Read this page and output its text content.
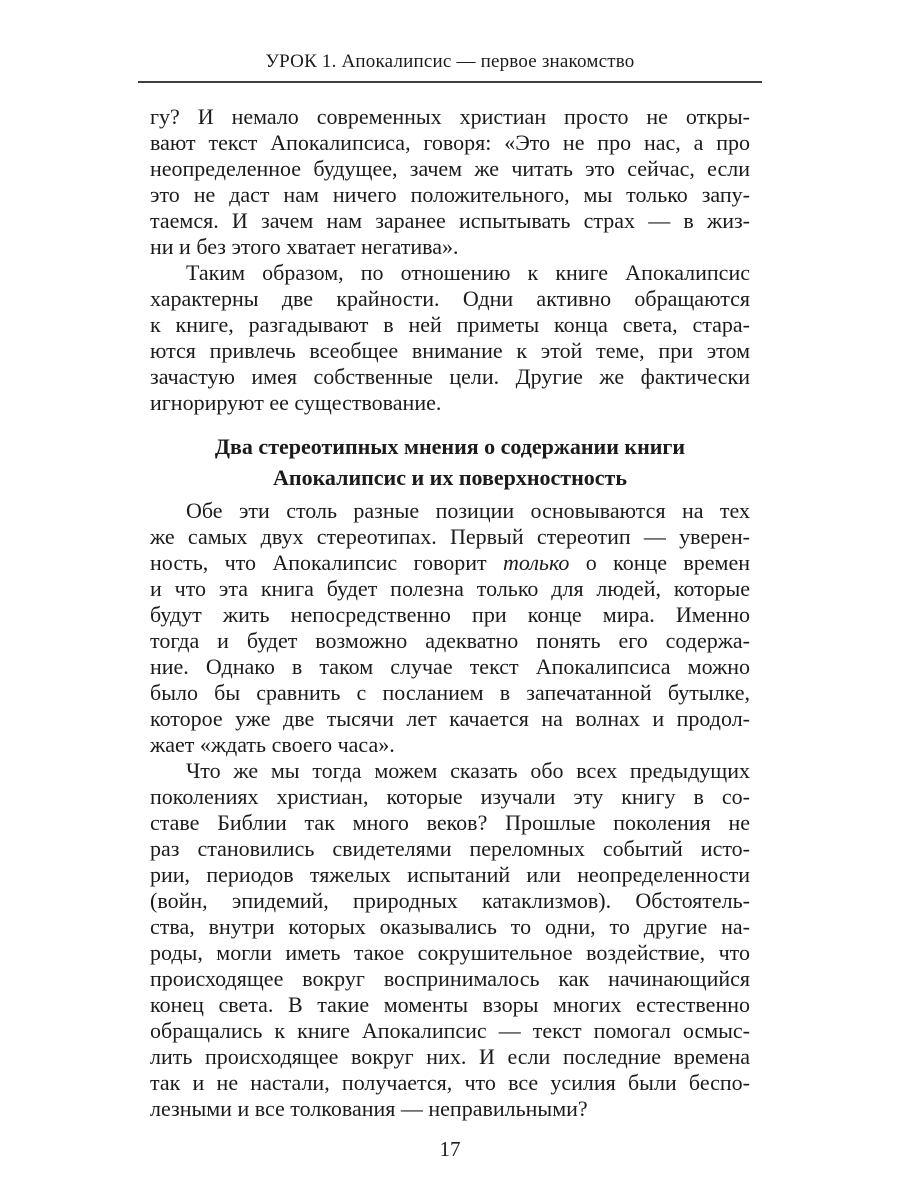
УРОК 1. Апокалипсис — первое знакомство
гу? И немало современных христиан просто не откры-
вают текст Апокалипсиса, говоря: «Это не про нас, а про
неопределенное будущее, зачем же читать это сейчас, если
это не даст нам ничего положительного, мы только запу-
таемся. И зачем нам заранее испытывать страх — в жиз-
ни и без этого хватает негатива».
Таким образом, по отношению к книге Апокалипсис
характерны две крайности. Одни активно обращаются
к книге, разгадывают в ней приметы конца света, стара-
ются привлечь всеобщее внимание к этой теме, при этом
зачастую имея собственные цели. Другие же фактически
игнорируют ее существование.
Два стереотипных мнения о содержании книги
Апокалипсис и их поверхностность
Обе эти столь разные позиции основываются на тех
же самых двух стереотипах. Первый стереотип — уверен-
ность, что Апокалипсис говорит только о конце времен
и что эта книга будет полезна только для людей, которые
будут жить непосредственно при конце мира. Именно
тогда и будет возможно адекватно понять его содержа-
ние. Однако в таком случае текст Апокалипсиса можно
было бы сравнить с посланием в запечатанной бутылке,
которое уже две тысячи лет качается на волнах и продол-
жает «ждать своего часа».
Что же мы тогда можем сказать обо всех предыдущих
поколениях христиан, которые изучали эту книгу в со-
ставе Библии так много веков? Прошлые поколения не
раз становились свидетелями переломных событий исто-
рии, периодов тяжелых испытаний или неопределенности
(войн, эпидемий, природных катаклизмов). Обстоятель-
ства, внутри которых оказывались то одни, то другие на-
роды, могли иметь такое сокрушительное воздействие, что
происходящее вокруг воспринималось как начинающийся
конец света. В такие моменты взоры многих естественно
обращались к книге Апокалипсис — текст помогал осмыс-
лить происходящее вокруг них. И если последние времена
так и не настали, получается, что все усилия были беспо-
лезными и все толкования — неправильными?
17
